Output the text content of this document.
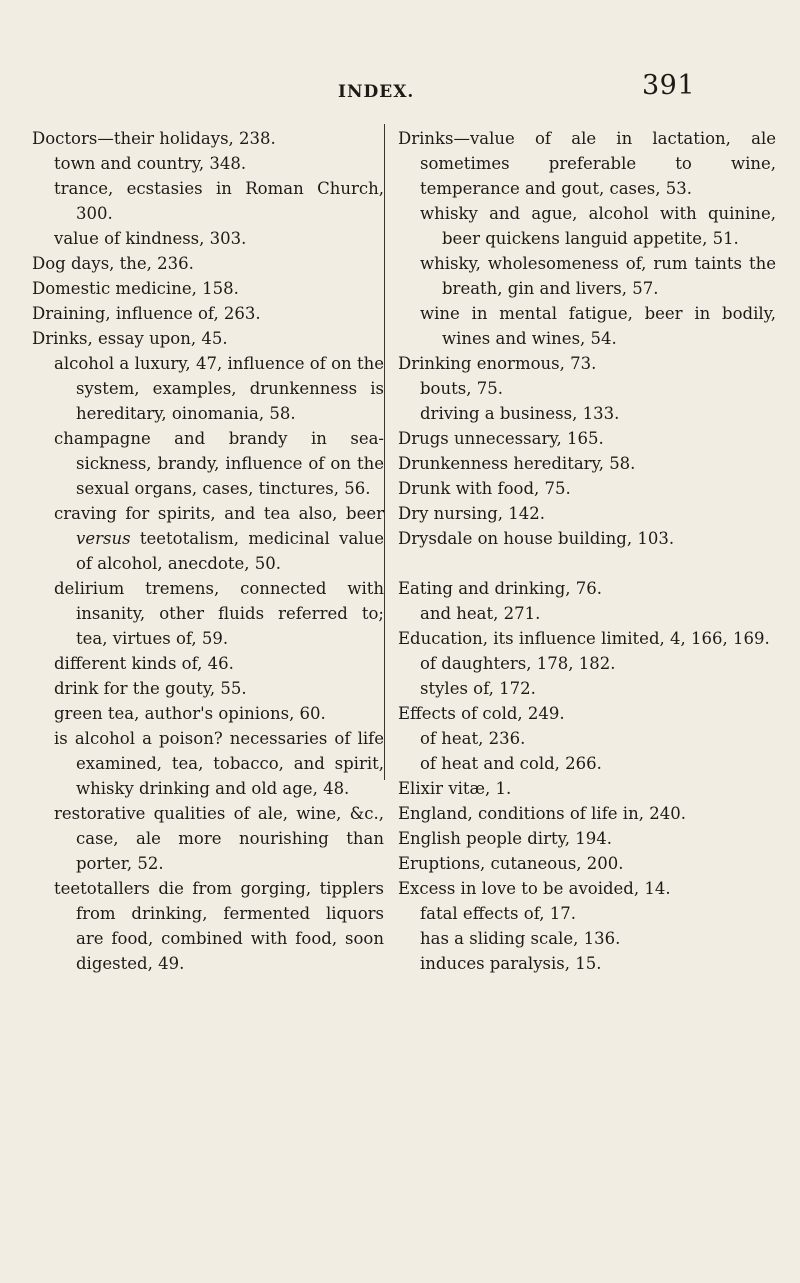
INDEX.	391

Doctors—their holidays, 238.

town and country, 348.

trance, ecstasies in Roman Church, 300.

value of kindness, 303.

Dog days, the, 236.

Domestic medicine, 158.

Draining, influence of, 263.

Drinks, essay upon, 45.

alcohol a luxury, 47, influence of on the system, examples, drunkenness is hereditary, oinomania, 58.

champagne and brandy in sea-sickness, brandy, influence of on the sexual organs, cases, tinctures, 56.

craving for spirits, and tea also, beer versus teetotalism, medicinal value of alcohol, anecdote, 50.

delirium tremens, connected with insanity, other fluids referred to; tea, virtues of, 59.

different kinds of, 46.

drink for the gouty, 55.

green tea, author's opinions, 60.

is alcohol a poison? necessaries of life examined, tea, tobacco, and spirit, whisky drinking and old age, 48.

restorative qualities of ale, wine, &c., case, ale more nourishing than porter, 52.

teetotallers die from gorging, tipplers from drinking, fermented liquors are food, combined with food, soon digested, 49.

Drinks—value of ale in lactation, ale sometimes preferable to wine, temperance and gout, cases, 53.

whisky and ague, alcohol with quinine, beer quickens languid appetite, 51.

whisky, wholesomeness of, rum taints the breath, gin and livers, 57.

wine in mental fatigue, beer in bodily, wines and wines, 54.

Drinking enormous, 73.

bouts, 75.

driving a business, 133.

Drugs unnecessary, 165.

Drunkenness hereditary, 58.

Drunk with food, 75.

Dry nursing, 142.

Drysdale on house building, 103.

Eating and drinking, 76.

and heat, 271.

Education, its influence limited, 4, 166, 169.

of daughters, 178, 182.

styles of, 172.

Effects of cold, 249.

of heat, 236.

of heat and cold, 266.

Elixir vitæ, 1.

England, conditions of life in, 240.

English people dirty, 194.

Eruptions, cutaneous, 200.

Excess in love to be avoided, 14.

fatal effects of, 17.

has a sliding scale, 136.

induces paralysis, 15.
